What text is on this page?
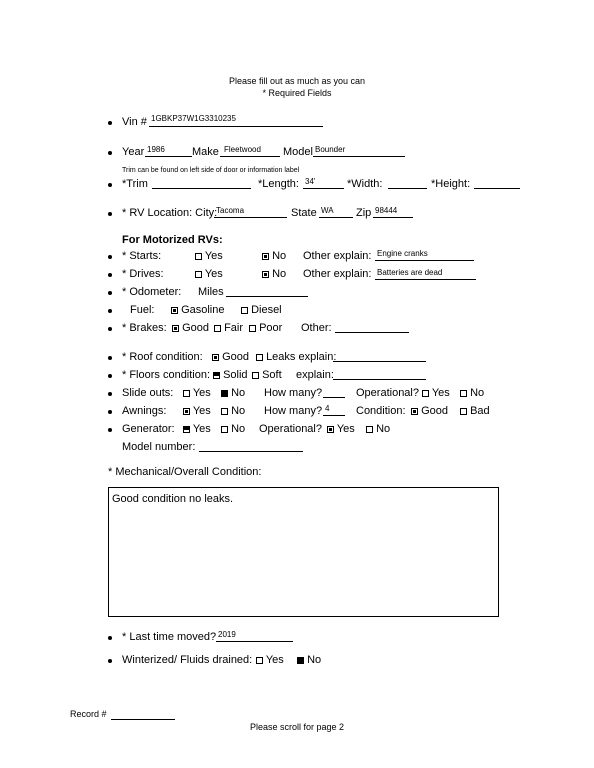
Please fill out as much as you can
* Required Fields
Vin # 1GBKP37W1G3310235
Year 1986 Make Fleetwood Model Bounder
Trim can be found on left side of door or information label
*Trim	*Length: 34'	*Width:	*Height:
* RV Location: City:
Tacoma	State WA Zip 98444
For Motorized RVs:
* Starts:	Yes	No Other explain: Engine cranks
* Drives:	Yes	No Other explain: Batteries are dead
* Odometer: Miles
Fuel:	Gasoline	Diesel
* Brakes:	Good	Fair	Poor Other:
* Roof condition:	Good	Leaks explain:
* Floors condition:	Solid	Soft explain:
Slide outs:	Yes	No How many?	Operational?	Yes	No
Awnings:	Yes	No How many? 4 Condition:	Good	Bad
Generator:	Yes	No Operational?	Yes	No
Model number:
* Mechanical/Overall Condition:
Good condition no leaks.
* Last time moved? 2019
Winterized/ Fluids drained:	Yes	No
Record #
Please scroll for page 2
